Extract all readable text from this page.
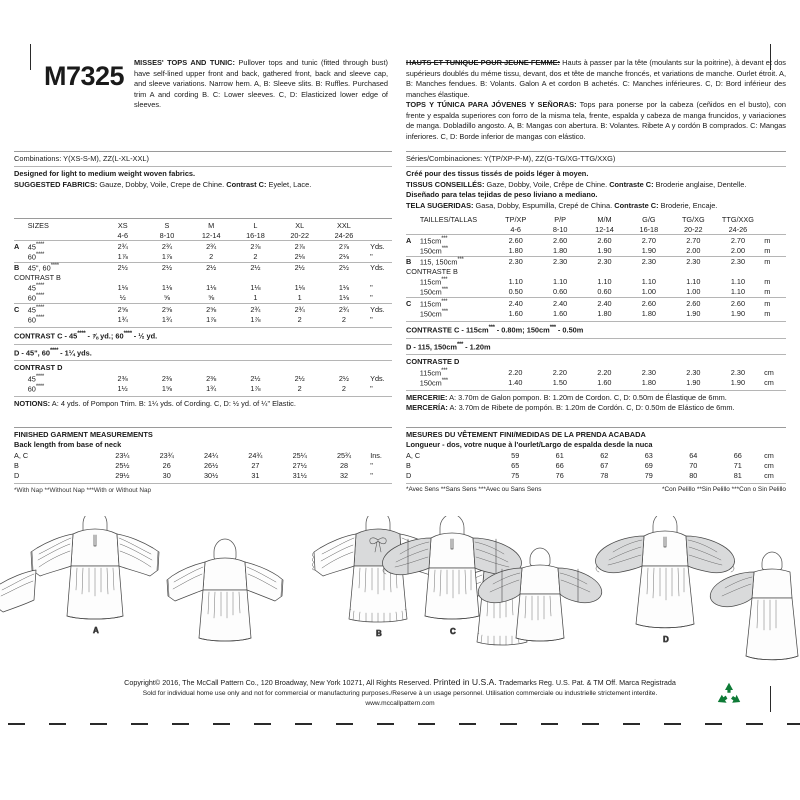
M7325	MISSES' TOPS AND TUNIC: Pullover tops and tunic (fitted through bust) have self-lined upper front and back, gathered front, back and sleeve cap, and sleeve variations. Narrow hem. A, B: Sleeve slits. B: Ruffles. Purchased trim A and cording B. C: Lower sleeves. C, D: Elasticized lower edge of sleeves.
HAUTS ET TUNIQUE POUR JEUNE FEMME: Hauts à passer par la tête (moulants sur la poitrine), à devant et dos supérieurs doublés du méme tissu, devant, dos et tête de manche froncés, et variations de manche. Ourlet étroit. A, B: Manches fendues. B: Volants. Galon A et cordon B achetés. C: Manches inférieures. C, D: Bord inférieur des manches élastique.
TOPS Y TÚNICA PARA JÓVENES Y SEÑORAS: Tops para ponerse por la cabeza (ceñidos en el busto), con frente y espalda superiores con forro de la misma tela, frente, espalda y cabeza de manga fruncidos, y variaciones de manga. Dobladillo angosto. A, B: Mangas con abertura. B: Volantes. Ribete A y cordón B comprados. C: Mangas inferiores. C, D: Borde inferior de mangas con elástico.
Combinations: Y(XS-S-M), ZZ(L-XL-XXL)
Designed for light to medium weight woven fabrics.
SUGGESTED FABRICS: Gauze, Dobby, Voile, Crepe de Chine. Contrast C: Eyelet, Lace.
Séries/Combinaciones: Y(TP/XP-P-M), ZZ(G-TG/XG-TTG/XXG)
Créé pour des tissus tissés de poids léger à moyen.
TISSUS CONSEILLÉS: Gaze, Dobby, Voile, Crêpe de Chine. Contraste C: Broderie anglaise, Dentelle.
Diseñado para telas tejidas de peso liviano a mediano.
TELA SUGERIDAS: Gasa, Dobby, Espumilla, Crepé de China. Contraste C: Broderie, Encaje.
	SIZES	XS	S	M	L	XL	XXL	
		4-6	8-10	12-14	16-18	20-22	24-26	
A	45****	2¾	2¾	2¾	2⅞	2⅞	2⅞	Yds.
	60****	1⅞	1⅞	2	2	2⅛	2⅛	"
B	45", 60****	2½	2½	2½	2½	2½	2½	Yds.
CONTRAST B								
	45****	1⅛	1⅛	1⅛	1⅛	1⅛	1⅛	"
	60****	½	⅝	⅝	1	1	1⅛	"
C	45****	2⅝	2⅝	2⅝	2¾	2¾	2¾	Yds.
	60****	1¾	1¾	1⅞	1⅞	2	2	"
CONTRAST C - 45**** - ⅞ yd.; 60**** - ½ yd.
D - 45", 60**** - 1¼ yds.
CONTRAST D
	45****	2⅜	2⅜	2⅜	2½	2½	2½	Yds.
	60****	1½	1⅝	1¾	1⅞	2	2	"
NOTIONS: A: 4 yds. of Pompon Trim. B: 1¼ yds. of Cording. C, D: ½ yd. of ¼" Elastic.
	TAILLES/TALLAS	TP/XP	P/P	M/M	G/G	TG/XG	TTG/XXG	
		4-6	8-10	12-14	16-18	20-22	24-26	
A	115cm***	2.60	2.60	2.60	2.70	2.70	2.70	m
	150cm***	1.80	1.80	1.90	1.90	2.00	2.00	m
B	115, 150cm***	2.30	2.30	2.30	2.30	2.30	2.30	m
CONTRASTE B								
	115cm***	1.10	1.10	1.10	1.10	1.10	1.10	m
	150cm***	0.50	0.60	0.60	1.00	1.00	1.10	m
C	115cm***	2.40	2.40	2.40	2.60	2.60	2.60	m
	150cm***	1.60	1.60	1.80	1.80	1.90	1.90	m
CONTRASTE C - 115cm*** - 0.80m; 150cm*** - 0.50m
D - 115, 150cm*** - 1.20m
CONTRASTE D
	115cm***	2.20	2.20	2.20	2.30	2.30	2.30	cm
	150cm***	1.40	1.50	1.60	1.80	1.90	1.90	cm
MERCERIE: A: 3.70m de Galon pompon. B: 1.20m de Cordon. C, D: 0.50m de Élastique de 6mm.
MERCERÍA: A: 3.70m de Ribete de pompón. B: 1.20m de Cordón. C, D: 0.50m de Elástico de 6mm.
FINISHED GARMENT MEASUREMENTS
Back length from base of neck
A, C	23¼	23¾	24¼	24¾	25¼	25¾	Ins.
B	25½	26	26½	27	27½	28	"
D	29½	30	30½	31	31½	32	"
*With Nap **Without Nap ***With or Without Nap
MESURES DU VÊTEMENT FINI/MEDIDAS DE LA PRENDA ACABADA
Longueur - dos, votre nuque à l'ourlet/Largo de espalda desde la nuca
A, C	59	61	62	63	64	66	cm
B	65	66	67	69	70	71	cm
D	75	76	78	79	80	81	cm
*Avec Sens **Sans Sens ***Avec ou Sans Sens	*Con Pelillo **Sin Pelillo ***Con o Sin Pelillo
A	B	C
D
Copyright© 2016, The McCall Pattern Co., 120 Broadway, New York 10271, All Rights Reserved. Printed in U.S.A. Trademarks Reg. U.S. Pat. & TM Off. Marca Registrada
Sold for individual home use only and not for commercial or manufacturing purposes./Reserve à un usage personnel. Utilisation commerciale ou industrielle strictement interdite.
www.mccallpattern.com
